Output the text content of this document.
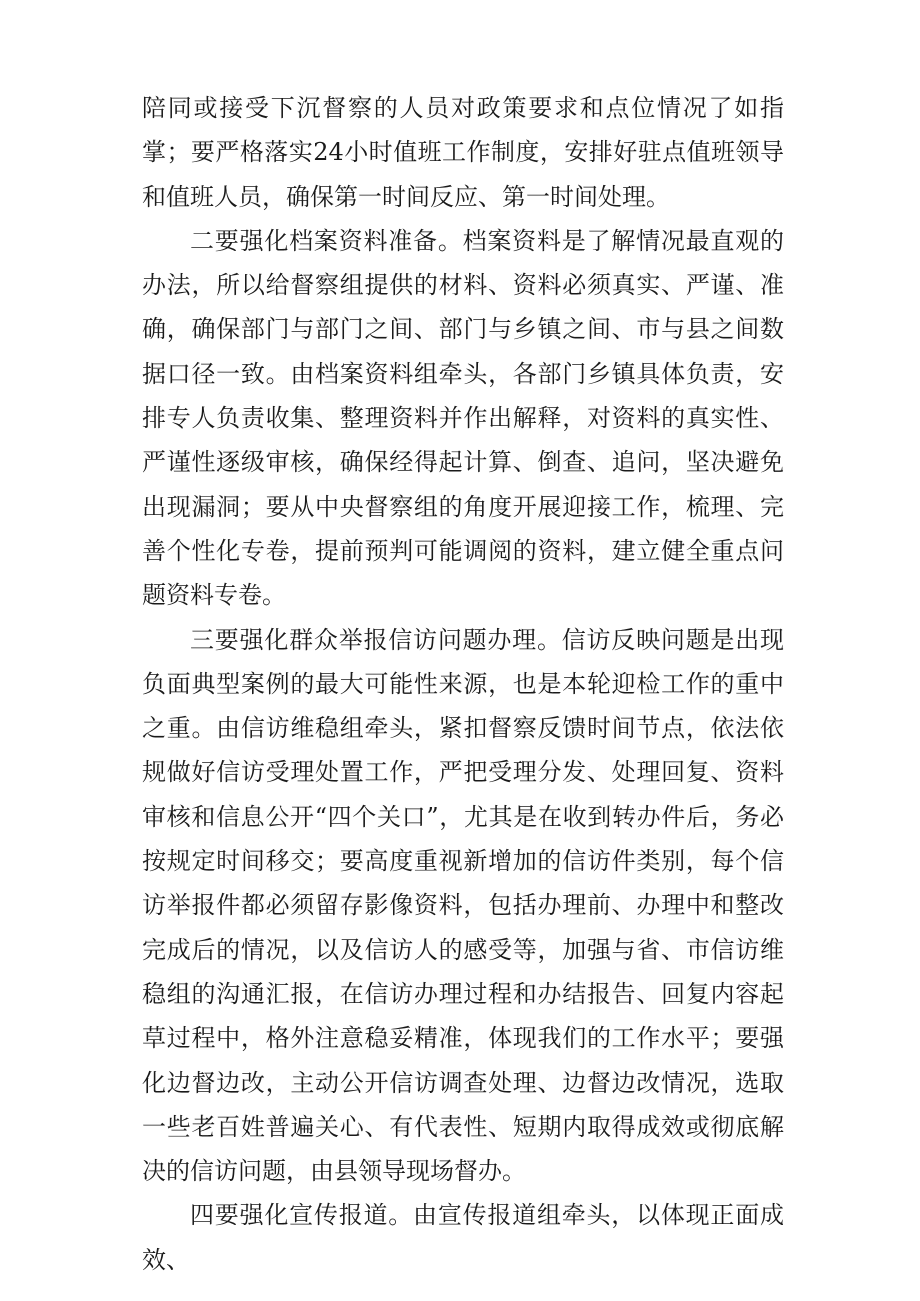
陪同或接受下沉督察的人员对政策要求和点位情况了如指掌；要严格落实24小时值班工作制度，安排好驻点值班领导和值班人员，确保第一时间反应、第一时间处理。

二要强化档案资料准备。档案资料是了解情况最直观的办法，所以给督察组提供的材料、资料必须真实、严谨、准确，确保部门与部门之间、部门与乡镇之间、市与县之间数据口径一致。由档案资料组牵头，各部门乡镇具体负责，安排专人负责收集、整理资料并作出解释，对资料的真实性、严谨性逐级审核，确保经得起计算、倒查、追问，坚决避免出现漏洞；要从中央督察组的角度开展迎接工作，梳理、完善个性化专卷，提前预判可能调阅的资料，建立健全重点问题资料专卷。

三要强化群众举报信访问题办理。信访反映问题是出现负面典型案例的最大可能性来源，也是本轮迎检工作的重中之重。由信访维稳组牵头，紧扣督察反馈时间节点，依法依规做好信访受理处置工作，严把受理分发、处理回复、资料审核和信息公开“四个关口”，尤其是在收到转办件后，务必按规定时间移交；要高度重视新增加的信访件类别，每个信访举报件都必须留存影像资料，包括办理前、办理中和整改完成后的情况，以及信访人的感受等，加强与省、市信访维稳组的沟通汇报，在信访办理过程和办结报告、回复内容起草过程中，格外注意稳妥精准，体现我们的工作水平；要强化边督边改，主动公开信访调查处理、边督边改情况，选取一些老百姓普遍关心、有代表性、短期内取得成效或彻底解决的信访问题，由县领导现场督办。

四要强化宣传报道。由宣传报道组牵头，以体现正面成效、
